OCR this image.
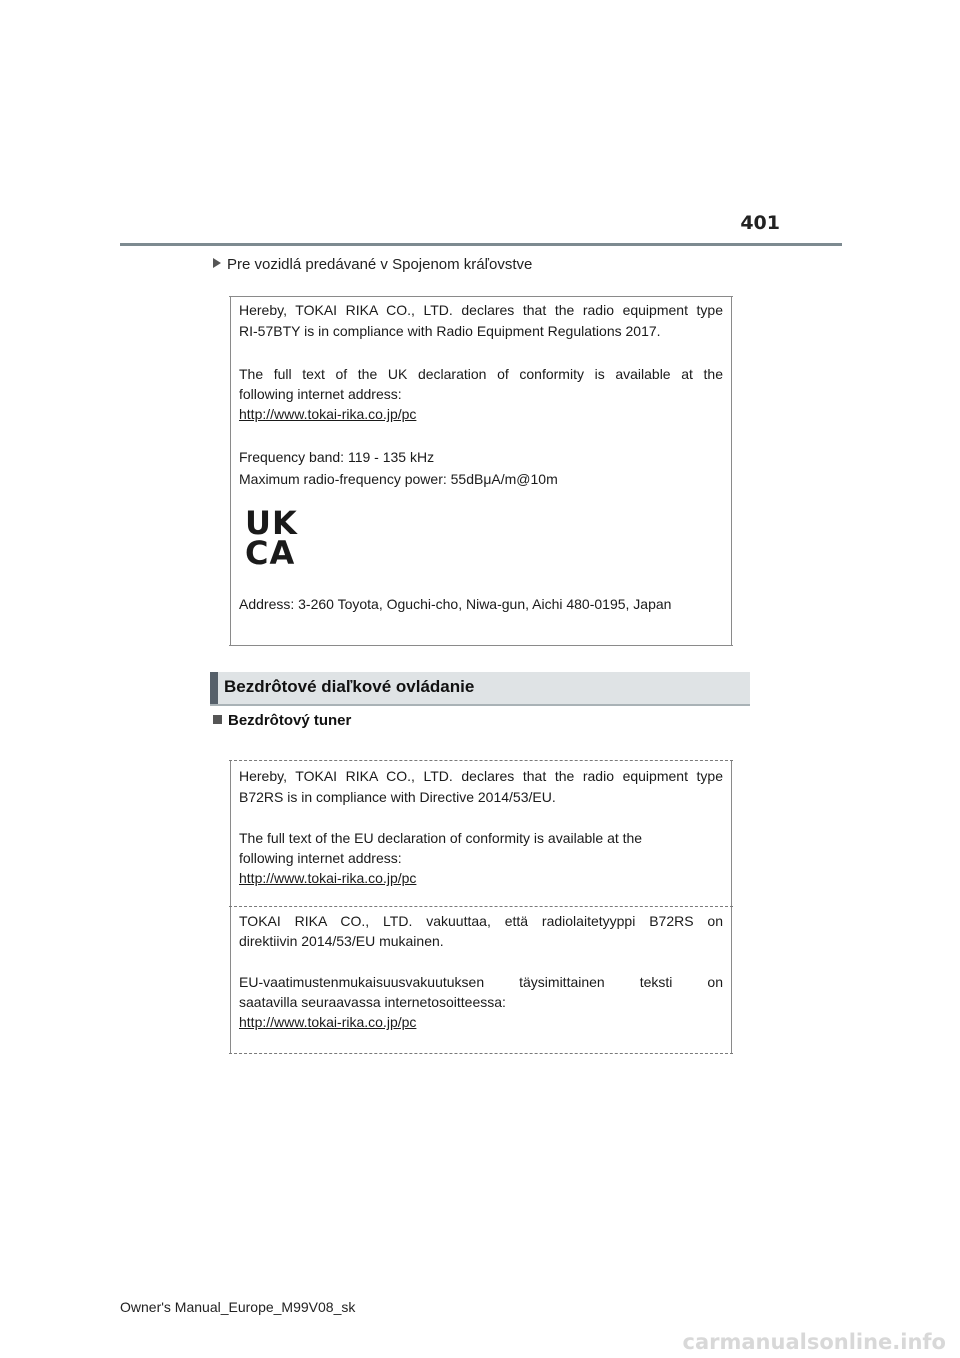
401
Pre vozidlá predávané v Spojenom kráľovstve
Hereby, TOKAI RIKA CO., LTD. declares that the radio equipment type
RI-57BTY is in compliance with Radio Equipment Regulations 2017.
The full text of the UK declaration of conformity is available at the
following internet address:
http://www.tokai-rika.co.jp/pc
Frequency band: 119 - 135 kHz
Maximum radio-frequency power: 55dBμA/m@10m
UK
CA
Address: 3-260 Toyota, Oguchi-cho, Niwa-gun, Aichi 480-0195, Japan
Bezdrôtové diaľkové ovládanie
Bezdrôtový tuner
Hereby, TOKAI RIKA CO., LTD. declares that the radio equipment type
B72RS is in compliance with Directive 2014/53/EU.
The full text of the EU declaration of conformity is available at the
following internet address:
http://www.tokai-rika.co.jp/pc
TOKAI RIKA CO., LTD. vakuuttaa, että radiolaitetyyppi B72RS on
direktiivin 2014/53/EU mukainen.
EU-vaatimustenmukaisuusvakuutuksen täysimittainen teksti on
saatavilla seuraavassa internetosoitteessa:
http://www.tokai-rika.co.jp/pc
Owner's Manual_Europe_M99V08_sk
carmanualsonline.info
